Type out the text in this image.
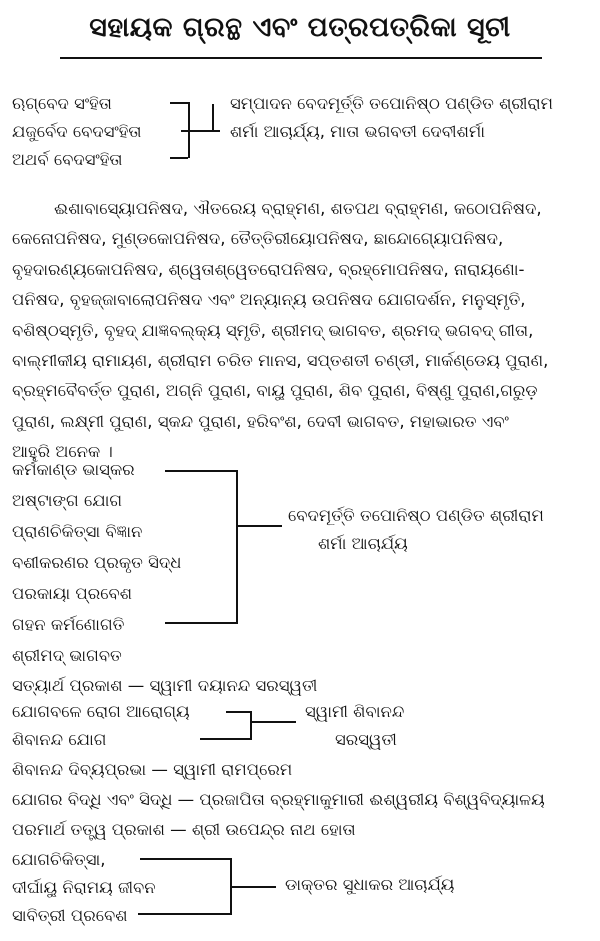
ସହାୟକ ଗ୍ରନ୍ଥ ଏବଂ ପତ୍ରପତ୍ରିକା ସୂଚୀ
ଋଗ୍‌ବେଦ ସଂହିତା
ଯଜୁର୍ବେଦ ବେଦସଂହିତା
ଅଥର୍ବ ବେଦସଂହିତା
ସମ୍ପାଦନ ବେଦମୂର୍ତ୍ତି ତପୋନିଷ୍ଠ ପଣ୍ଡିତ ଶ୍ରୀରାମ
ଶର୍ମା ଆଚାର୍ଯ୍ୟ, ମାତା ଭଗବତୀ ଦେବୀଶର୍ମା

ଈଶାବାସ୍ୟୋପନିଷଦ, ଐତରେୟ ବ୍ରାହ୍ମଣ, ଶତପଥ ବ୍ରାହ୍ମଣ, କଠୋପନିଷଦ,

କେନୋପନିଷଦ, ମୁଣ୍ଡକୋପନିଷଦ, ତୈତ୍ତିରୀୟୋପନିଷଦ, ଛାନ୍ଦୋଗ୍ୟୋପନିଷଦ,

ବୃହଦାରଣ୍ୟକୋପନିଷଦ, ଶ୍ୱେତାଶ୍ୱେତରୋପନିଷଦ, ବ୍ରହ୍ମୋପନିଷଦ, ନାରାୟଣୋ-

ପନିଷଦ, ବୃହଜ୍ଜାବାଲୋପନିଷଦ ଏବଂ ଅନ୍ୟାନ୍ୟ ଉପନିଷଦ ଯୋଗଦର୍ଶନ, ମନୁସ୍ମୃତି,

ବଶିଷ୍ଠସ୍ମୃତି, ବୃହଦ୍ ଯାଜ୍ଞବଲ୍କ୍ୟ ସ୍ମୃତି, ଶ୍ରୀମଦ୍ ଭାଗବତ, ଶ୍ରମଦ୍ ଭଗବଦ୍ ଗୀତା,

ବାଲ୍ମୀକୀୟ ରାମାୟଣ, ଶ୍ରୀରାମ ଚରିତ ମାନସ, ସପ୍ତଶତୀ ଚଣ୍ଡୀ, ମାର୍କଣ୍ଡେୟ ପୁରାଣ,

ବ୍ରହ୍ମବୈବର୍ତ୍ତ ପୁରାଣ, ଅଗ୍ନି ପୁରାଣ, ବାୟୁ ପୁରାଣ, ଶିବ ପୁରାଣ, ବିଷ୍ଣୁ ପୁରାଣ,ଗରୁଡ଼

ପୁରାଣ, ଲକ୍ଷ୍ମୀ ପୁରାଣ, ସ୍କନ୍ଦ ପୁରାଣ, ହରିବଂଶ, ଦେବୀ ଭାଗବତ, ମହାଭାରତ ଏବଂ

ଆହୁରି ଅନେକ ।

କର୍ମକାଣ୍ଡ ଭାସ୍କର
ଅଷ୍ଟାଙ୍ଗ ଯୋଗ
ପ୍ରାଣଚିକିତ୍ସା ବିଜ୍ଞାନ
ବଶୀକରଣର ପ୍ରକୃତ ସିଦ୍ଧ
ପରକାୟା ପ୍ରବେଶ
ଗହନ କର୍ମଣୋଗତି
ବେଦମୂର୍ତ୍ତି ତପୋନିଷ୍ଠ ପଣ୍ଡିତ ଶ୍ରୀରାମ
ଶର୍ମା ଆଚାର୍ଯ୍ୟ
ଶ୍ରୀମଦ୍ ଭାଗବତ
ସତ୍ୟାର୍ଥ ପ୍ରକାଶ — ସ୍ୱାମୀ ଦୟାନନ୍ଦ ସରସ୍ୱତୀ
ଯୋଗବଳେ ରୋଗ ଆରୋଗ୍ୟ
ଶିବାନନ୍ଦ ଯୋଗ
ସ୍ୱାମୀ ଶିବାନନ୍ଦ
ସରସ୍ୱତୀ
ଶିବାନନ୍ଦ ଦିବ୍ୟପ୍ରଭା — ସ୍ୱାମୀ ରାମପ୍ରେମ
ଯୋଗର ବିଦ୍ଧି ଏବଂ ସିଦ୍ଧି — ପ୍ରଜାପିତା ବ୍ରହ୍ମାକୁମାରୀ ଈଶ୍ୱରୀୟ ବିଶ୍ୱବିଦ୍ୟାଳୟ
ପରମାର୍ଥ ତତ୍ତ୍ୱ ପ୍ରକାଶ — ଶ୍ରୀ ଉପେନ୍ଦ୍ର ନାଥ ହୋତା
ଯୋଗଚିକିତ୍ସା,
ଦୀର୍ଘାୟୁ ନିରାମୟ ଜୀବନ
ସାବିତ୍ରୀ ପ୍ରବେଶ
ଡାକ୍ତର ସୁଧାକର ଆଚାର୍ଯ୍ୟ
